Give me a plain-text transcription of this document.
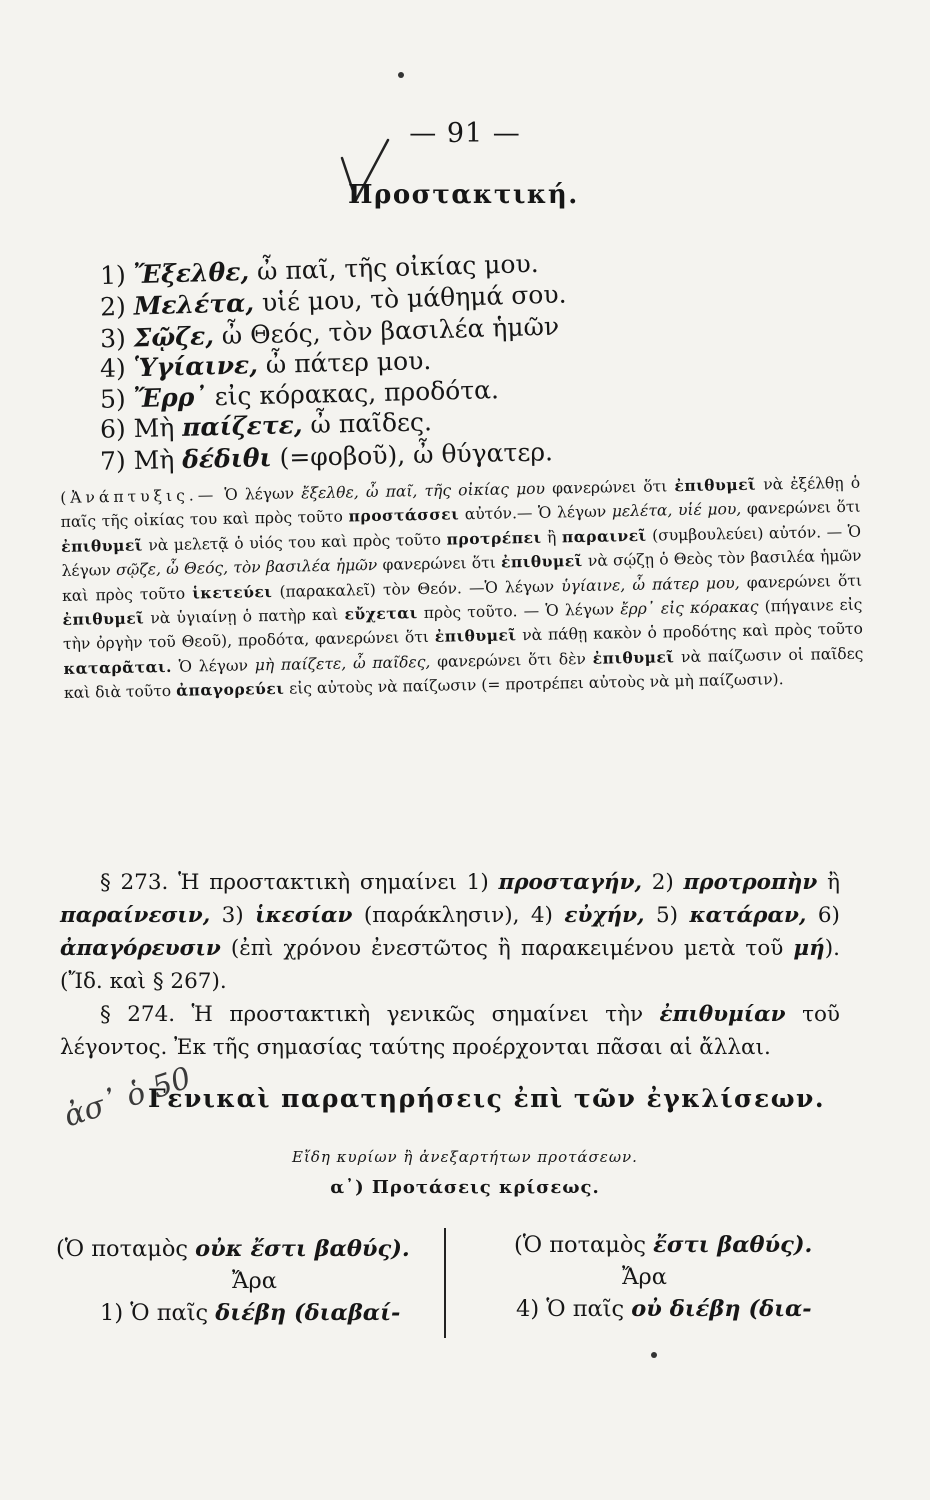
— 91 —
Προστακτική.
1) Ἔξελθε, ὦ παῖ, τῆς οἰκίας μου.
2) Μελέτα, υἱέ μου, τὸ μάθημά σου.
3) Σῷζε, ὦ Θεός, τὸν βασιλέα ἡμῶν
4) Ὑγίαινε, ὦ πάτερ μου.
5) Ἔρρ᾽ εἰς κόρακας, προδότα.
6) Μὴ παίζετε, ὦ παῖδες.
7) Μὴ δέδιθι (=φοβοῦ), ὦ θύγατερ.

(Ἀνάπτυξις.— Ὁ λέγων ἔξελθε, ὦ παῖ, τῆς οἰκίας μου φανερώνει ὅτι ἐπιθυμεῖ νὰ ἐξέλθῃ ὁ παῖς τῆς οἰκίας του καὶ πρὸς τοῦτο προστάσσει αὐτόν.— Ὁ λέγων μελέτα, υἱέ μου, φανερώνει ὅτι ἐπιθυμεῖ νὰ μελετᾷ ὁ υἱός του καὶ πρὸς τοῦτο προτρέπει ἢ παραινεῖ (συμβουλεύει) αὐτόν. — Ὁ λέγων σῷζε, ὦ Θεός, τὸν βασιλέα ἡμῶν φανερώνει ὅτι ἐπιθυμεῖ νὰ σῴζῃ ὁ Θεὸς τὸν βασιλέα ἡμῶν καὶ πρὸς τοῦτο ἱκετεύει (παρακαλεῖ) τὸν Θεόν. —Ὁ λέγων ὑγίαινε, ὦ πάτερ μου, φανερώνει ὅτι ἐπιθυμεῖ νὰ ὑγιαίνῃ ὁ πατὴρ καὶ εὔχεται πρὸς τοῦτο. — Ὁ λέγων ἔρρ᾽ εἰς κόρακας (πήγαινε εἰς τὴν ὀργὴν τοῦ Θεοῦ), προδότα, φανερώνει ὅτι ἐπιθυμεῖ νὰ πάθῃ κακὸν ὁ προδότης καὶ πρὸς τοῦτο καταρᾶται. Ὁ λέγων μὴ παίζετε, ὦ παῖδες, φανερώνει ὅτι δὲν ἐπιθυμεῖ νὰ παίζωσιν οἱ παῖδες καὶ διὰ τοῦτο ἀπαγορεύει εἰς αὐτοὺς νὰ παίζωσιν (= προτρέπει αὐτοὺς νὰ μὴ παίζωσιν).

§ 273. Ἡ προστακτικὴ σημαίνει 1) προσταγήν, 2) προτροπὴν ἢ παραίνεσιν, 3) ἱκεσίαν (παράκλησιν), 4) εὐχήν, 5) κατάραν, 6) ἀπαγόρευσιν (ἐπὶ χρόνου ἐνεστῶτος ἢ παρακειμένου μετὰ τοῦ μή). (Ἴδ. καὶ § 267).
§ 274. Ἡ προστακτικὴ γενικῶς σημαίνει τὴν ἐπιθυμίαν τοῦ λέγοντος. Ἐκ τῆς σημασίας ταύτης προέρχονται πᾶσαι αἱ ἄλλαι.
ἀσ᾽ ὁ 50
Γενικαὶ παρατηρήσεις ἐπὶ τῶν ἐγκλίσεων.
Εἴδη κυρίων ἢ ἀνεξαρτήτων προτάσεων.
α᾽) Προτάσεις κρίσεως.
(Ὁ ποταμὸς οὐκ ἔστι βαθύς).
Ἄρα
1) Ὁ παῖς διέβη (διαβαί-
(Ὁ ποταμὸς ἔστι βαθύς).
Ἄρα
4) Ὁ παῖς οὐ διέβη (δια-
